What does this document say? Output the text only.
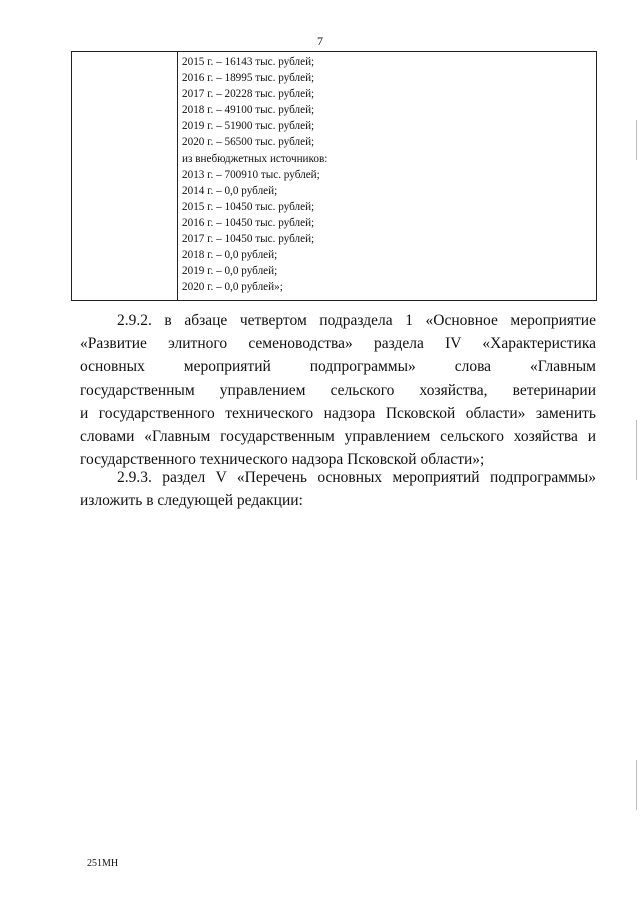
7
2015 г. – 16143 тыс. рублей;
2016 г. – 18995 тыс. рублей;
2017 г. – 20228 тыс. рублей;
2018 г. – 49100 тыс. рублей;
2019 г. – 51900 тыс. рублей;
2020 г. – 56500 тыс. рублей;
из внебюджетных источников:
2013 г. – 700910 тыс. рублей;
2014 г. – 0,0 рублей;
2015 г. – 10450 тыс. рублей;
2016 г. – 10450 тыс. рублей;
2017 г. – 10450 тыс. рублей;
2018 г. – 0,0 рублей;
2019 г. – 0,0 рублей;
2020 г. – 0,0 рублей»;
2.9.2. в абзаце четвертом подраздела 1 «Основное мероприятие
«Развитие элитного семеноводства» раздела IV «Характеристика
основных мероприятий подпрограммы» слова «Главным
государственным управлением сельского хозяйства, ветеринарии
и государственного технического надзора Псковской области» заменить
словами «Главным государственным управлением сельского хозяйства и
государственного технического надзора Псковской области»;
2.9.3. раздел V «Перечень основных мероприятий подпрограммы»
изложить в следующей редакции:
251МН
